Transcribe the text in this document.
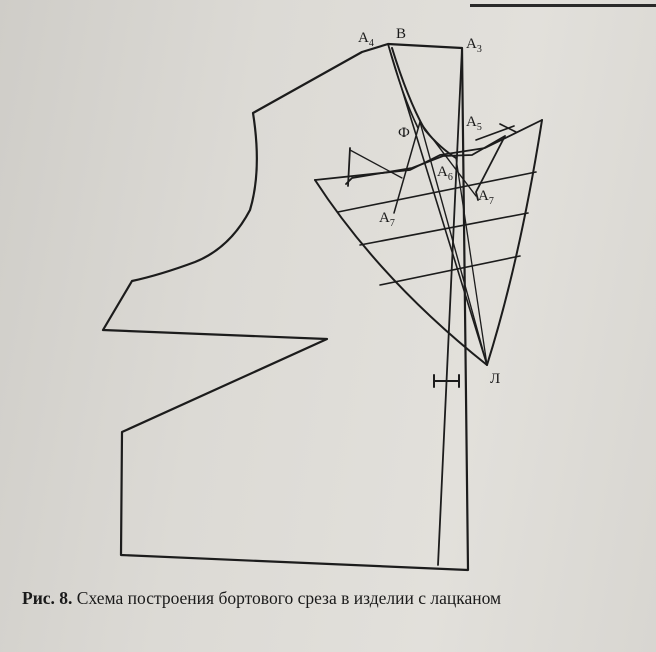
$A_4$
B
$A_3$
Ф
$A_5$
$A_6$
$A_7$
$A_7$
Л
Рис. 8. Схема построения бортового среза в изделии с лацканом
